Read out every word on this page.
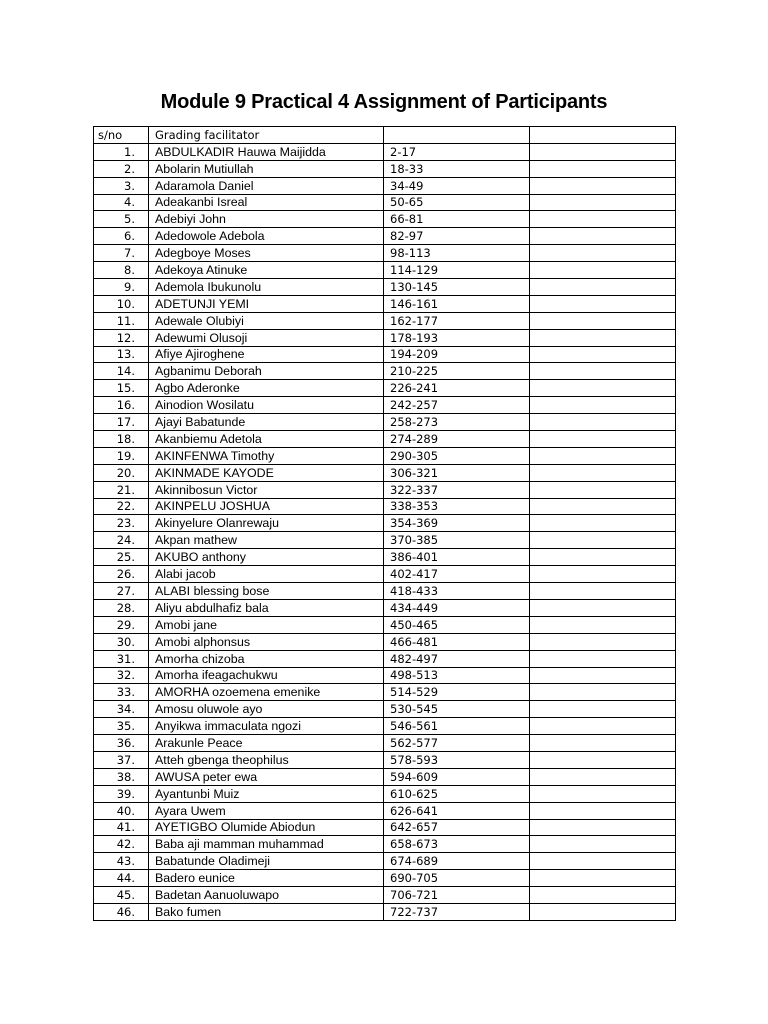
Module 9 Practical 4 Assignment of Participants
s/no	Grading facilitator		
1.	ABDULKADIR Hauwa Maijidda	2-17	
2.	Abolarin Mutiullah	18-33	
3.	Adaramola Daniel	34-49	
4.	Adeakanbi Isreal	50-65	
5.	Adebiyi John	66-81	
6.	Adedowole Adebola	82-97	
7.	Adegboye Moses	98-113	
8.	Adekoya Atinuke	114-129	
9.	Ademola Ibukunolu	130-145	
10.	ADETUNJI YEMI	146-161	
11.	Adewale Olubiyi	162-177	
12.	Adewumi Olusoji	178-193	
13.	Afiye Ajiroghene	194-209	
14.	Agbanimu Deborah	210-225	
15.	Agbo Aderonke	226-241	
16.	Ainodion Wosilatu	242-257	
17.	Ajayi Babatunde	258-273	
18.	Akanbiemu Adetola	274-289	
19.	AKINFENWA Timothy	290-305	
20.	AKINMADE KAYODE	306-321	
21.	Akinnibosun Victor	322-337	
22.	AKINPELU JOSHUA	338-353	
23.	Akinyelure Olanrewaju	354-369	
24.	Akpan mathew	370-385	
25.	AKUBO anthony	386-401	
26.	Alabi jacob	402-417	
27.	ALABI blessing bose	418-433	
28.	Aliyu abdulhafiz bala	434-449	
29.	Amobi jane	450-465	
30.	Amobi alphonsus	466-481	
31.	Amorha chizoba	482-497	
32.	Amorha ifeagachukwu	498-513	
33.	AMORHA ozoemena emenike	514-529	
34.	Amosu oluwole ayo	530-545	
35.	Anyikwa immaculata ngozi	546-561	
36.	Arakunle Peace	562-577	
37.	Atteh gbenga theophilus	578-593	
38.	AWUSA peter ewa	594-609	
39.	Ayantunbi Muiz	610-625	
40.	Ayara Uwem	626-641	
41.	AYETIGBO Olumide Abiodun	642-657	
42.	Baba aji mamman muhammad	658-673	
43.	Babatunde Oladimeji	674-689	
44.	Badero eunice	690-705	
45.	Badetan Aanuoluwapo	706-721	
46.	Bako fumen	722-737	
